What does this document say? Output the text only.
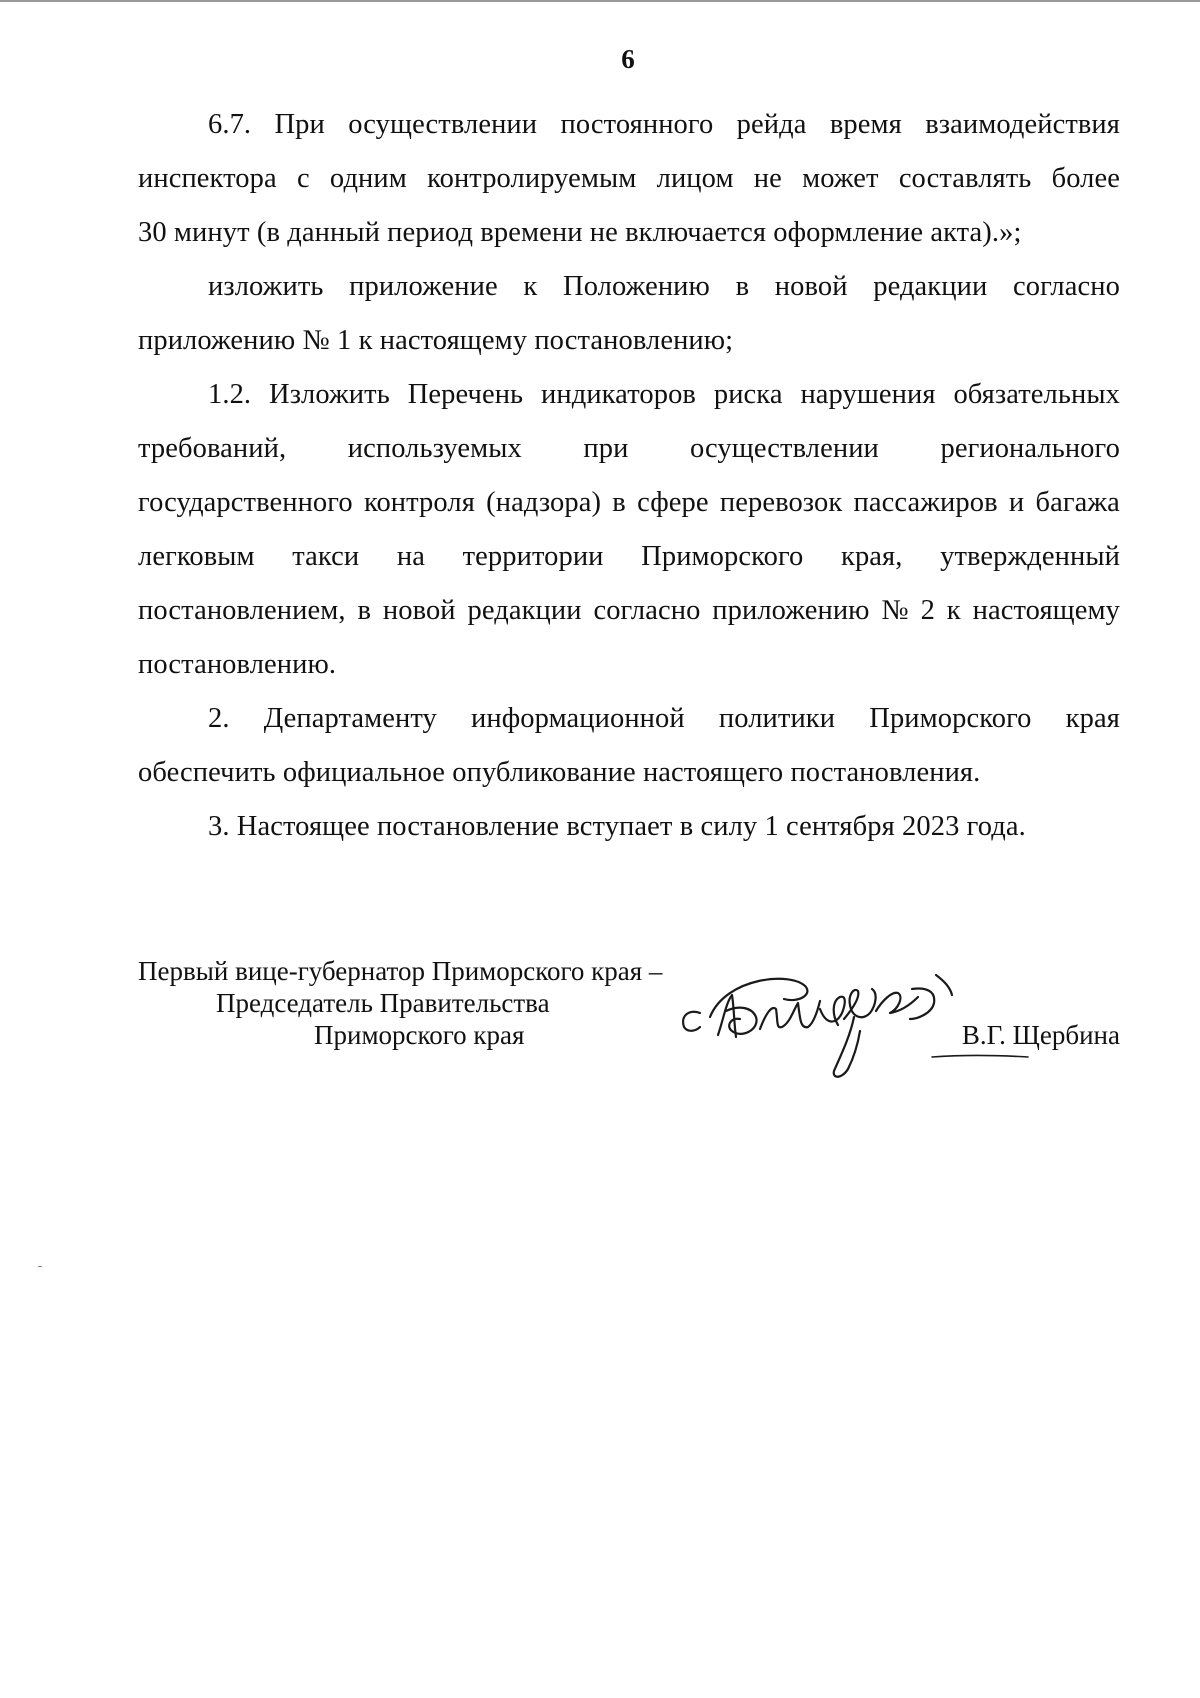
6
6.7. При осуществлении постоянного рейда время взаимодействия
инспектора с одним контролируемым лицом не может составлять более
30 минут (в данный период времени не включается оформление акта).»;
изложить приложение к Положению в новой редакции согласно
приложению № 1 к настоящему постановлению;
1.2. Изложить Перечень индикаторов риска нарушения обязательных
требований, используемых при осуществлении регионального
государственного контроля (надзора) в сфере перевозок пассажиров и багажа
легковым такси на территории Приморского края, утвержденный
постановлением, в новой редакции согласно приложению № 2 к настоящему
постановлению.
2. Департаменту информационной политики Приморского края
обеспечить официальное опубликование настоящего постановления.
3. Настоящее постановление вступает в силу 1 сентября 2023 года.
Первый вице-губернатор Приморского края –
Председатель Правительства
Приморского края	В.Г. Щербина
